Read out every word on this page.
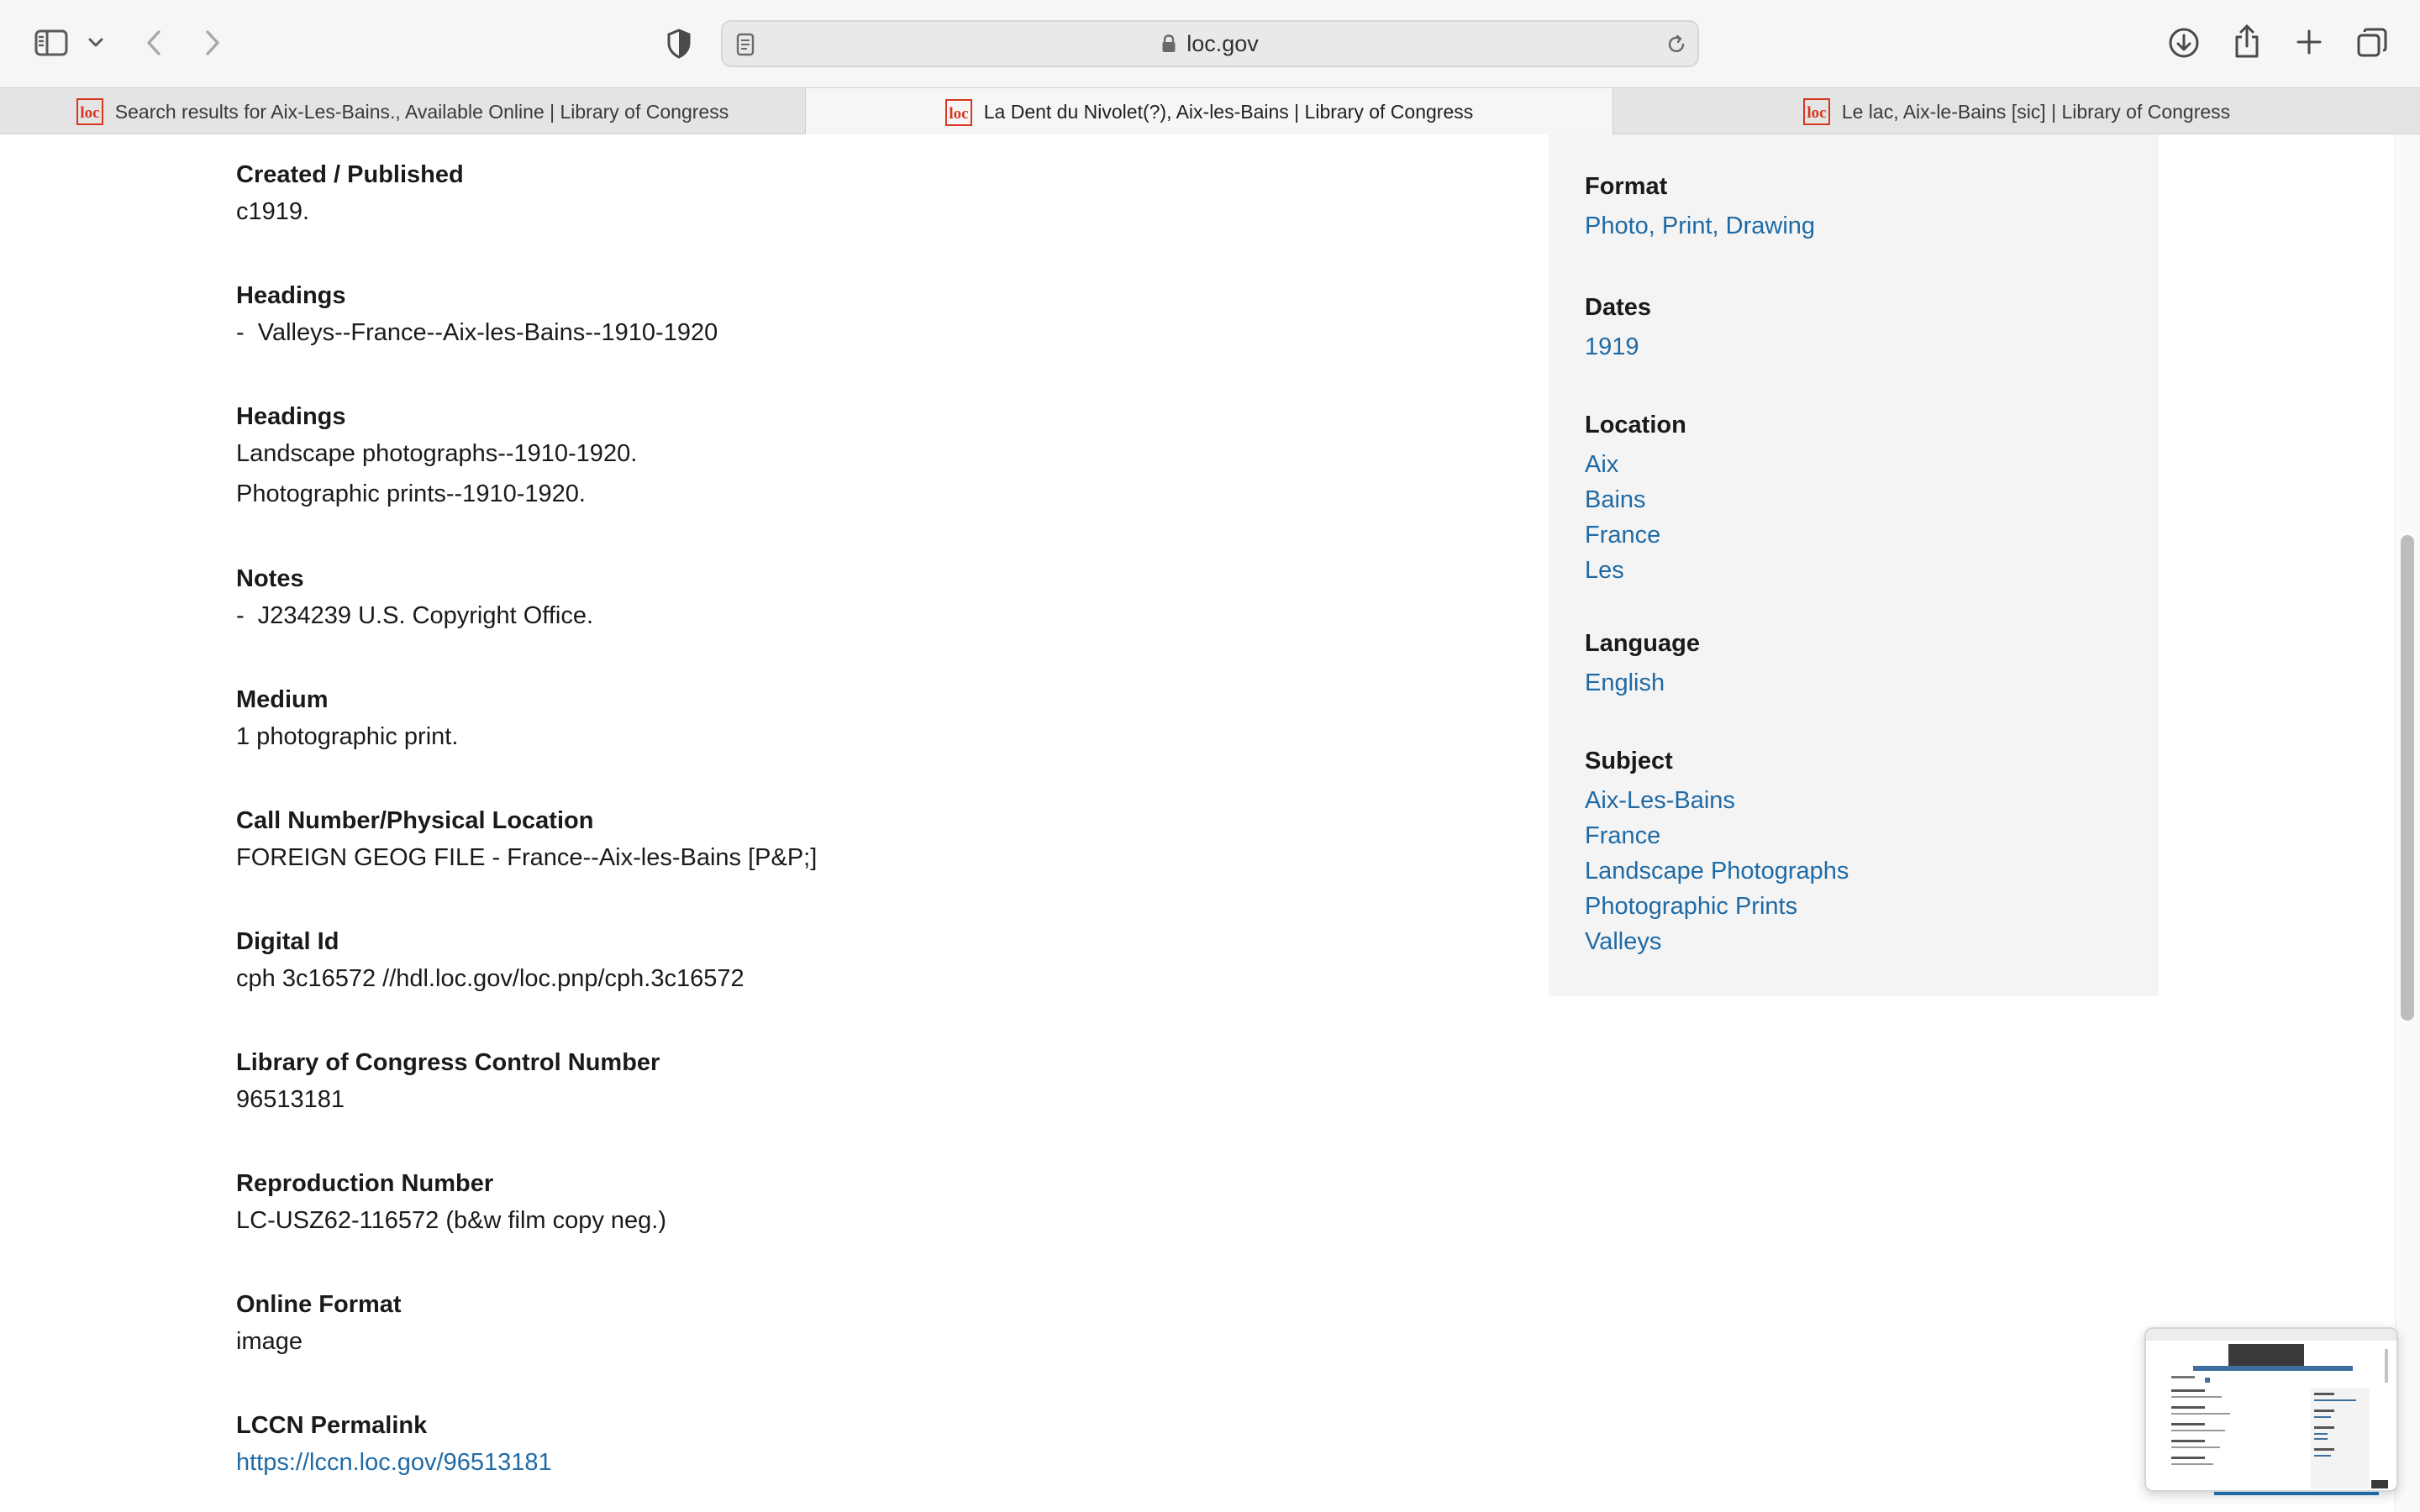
loc.gov
loc Search results for Aix-Les-Bains., Available Online | Library of Congress	loc La Dent du Nivolet(?), Aix-les-Bains | Library of Congress	loc Le lac, Aix-le-Bains [sic] | Library of Congress
Created / Published
c1919.
Headings
-  Valleys--France--Aix-les-Bains--1910-1920
Headings
Landscape photographs--1910-1920.
Photographic prints--1910-1920.
Notes
-  J234239 U.S. Copyright Office.
Medium
1 photographic print.
Call Number/Physical Location
FOREIGN GEOG FILE - France--Aix-les-Bains [P&P;]
Digital Id
cph 3c16572 //hdl.loc.gov/loc.pnp/cph.3c16572
Library of Congress Control Number
96513181
Reproduction Number
LC-USZ62-116572 (b&w film copy neg.)
Online Format
image
LCCN Permalink
https://lccn.loc.gov/96513181
Format
Photo, Print, Drawing
Dates
1919
Location
Aix
Bains
France
Les
Language
English
Subject
Aix-Les-Bains
France
Landscape Photographs
Photographic Prints
Valleys
